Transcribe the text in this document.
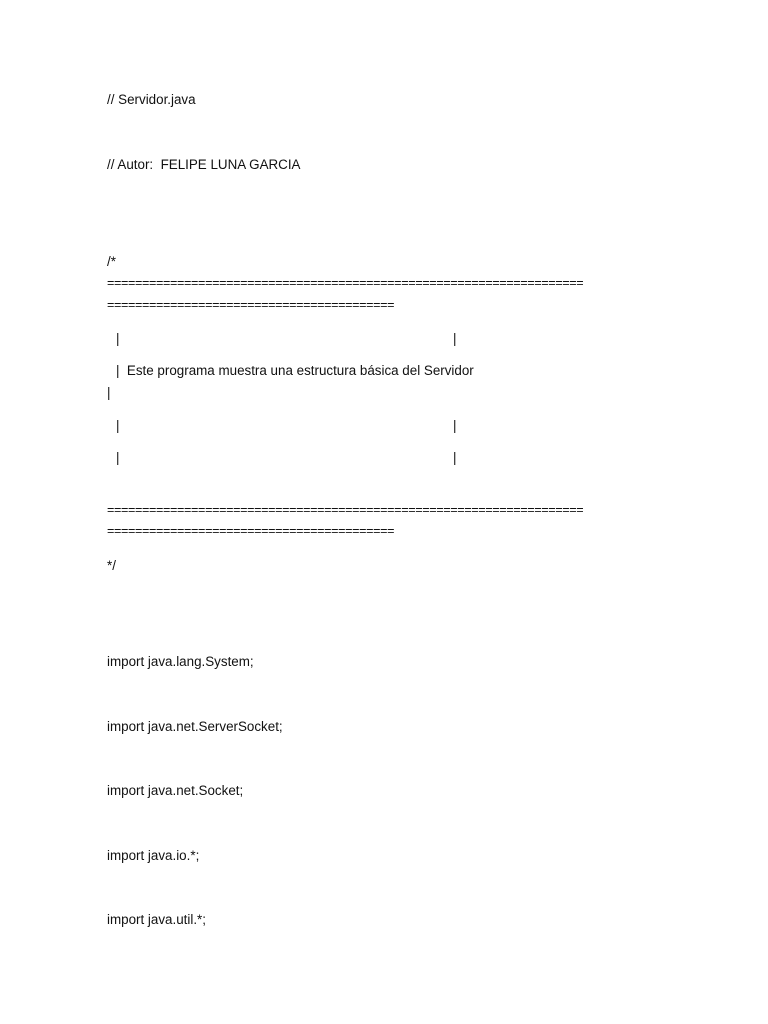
// Servidor.java

// Autor:  FELIPE LUNA GARCIA

/*

====================================================================

=========================================

|	|

|  Este programa muestra una estructura básica del Servidor

|
|	|
|	|

====================================================================

=========================================

*/

import java.lang.System;

import java.net.ServerSocket;

import java.net.Socket;

import java.io.*;

import java.util.*;
